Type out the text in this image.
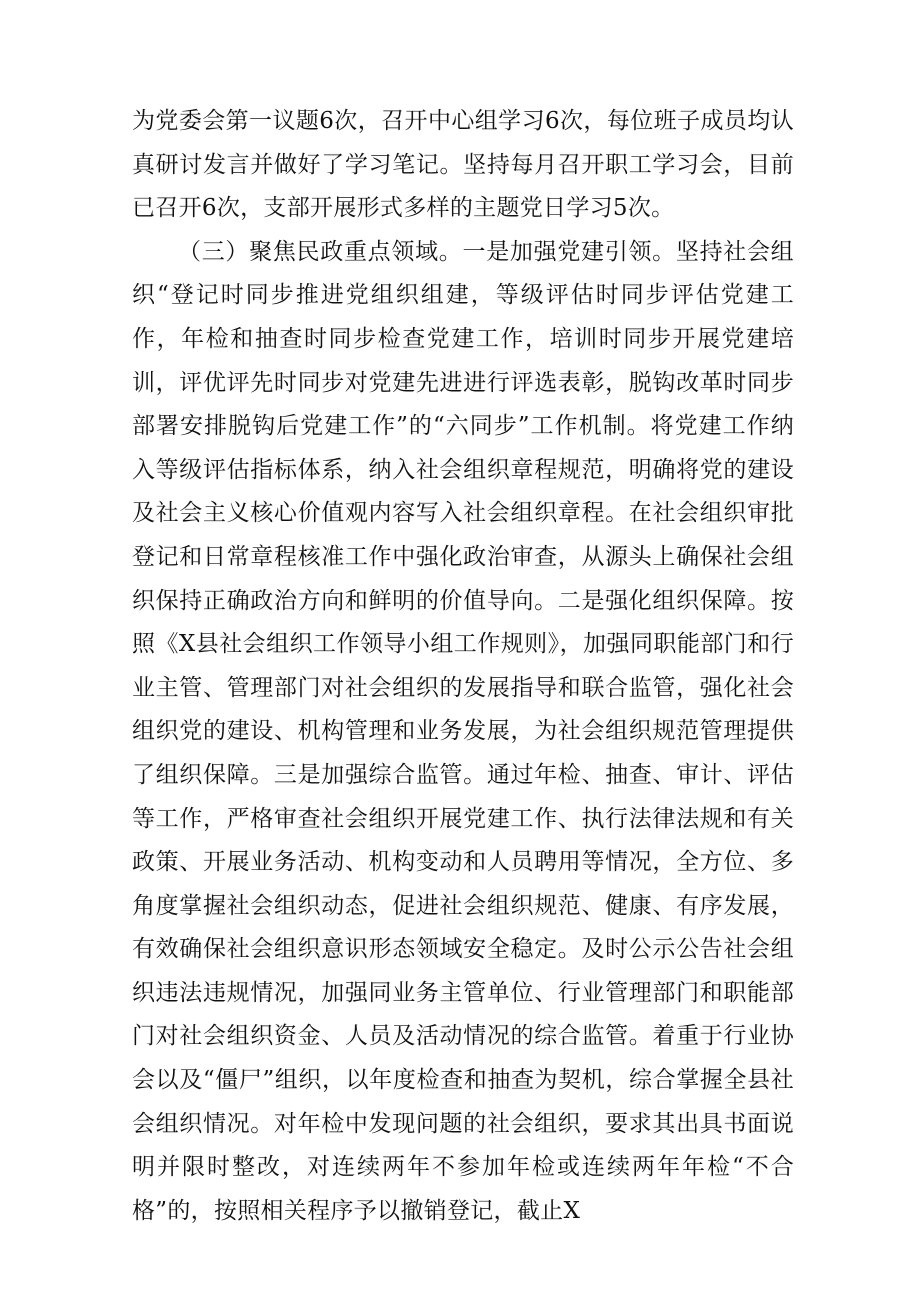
为党委会第一议题6次，召开中心组学习6次，每位班子成员均认真研讨发言并做好了学习笔记。坚持每月召开职工学习会，目前已召开6次，支部开展形式多样的主题党日学习5次。

（三）聚焦民政重点领域。一是加强党建引领。坚持社会组织“登记时同步推进党组织组建，等级评估时同步评估党建工作，年检和抽查时同步检查党建工作，培训时同步开展党建培训，评优评先时同步对党建先进进行评选表彰，脱钩改革时同步部署安排脱钩后党建工作”的“六同步”工作机制。将党建工作纳入等级评估指标体系，纳入社会组织章程规范，明确将党的建设及社会主义核心价值观内容写入社会组织章程。在社会组织审批登记和日常章程核准工作中强化政治审查，从源头上确保社会组织保持正确政治方向和鲜明的价值导向。二是强化组织保障。按照《X县社会组织工作领导小组工作规则》，加强同职能部门和行业主管、管理部门对社会组织的发展指导和联合监管，强化社会组织党的建设、机构管理和业务发展，为社会组织规范管理提供了组织保障。三是加强综合监管。通过年检、抽查、审计、评估等工作，严格审查社会组织开展党建工作、执行法律法规和有关政策、开展业务活动、机构变动和人员聘用等情况，全方位、多角度掌握社会组织动态，促进社会组织规范、健康、有序发展，有效确保社会组织意识形态领域安全稳定。及时公示公告社会组织违法违规情况，加强同业务主管单位、行业管理部门和职能部门对社会组织资金、人员及活动情况的综合监管。着重于行业协会以及“僵尸”组织，以年度检查和抽查为契机，综合掌握全县社会组织情况。对年检中发现问题的社会组织，要求其出具书面说明并限时整改，对连续两年不参加年检或连续两年年检“不合格”的，按照相关程序予以撤销登记，截止X
